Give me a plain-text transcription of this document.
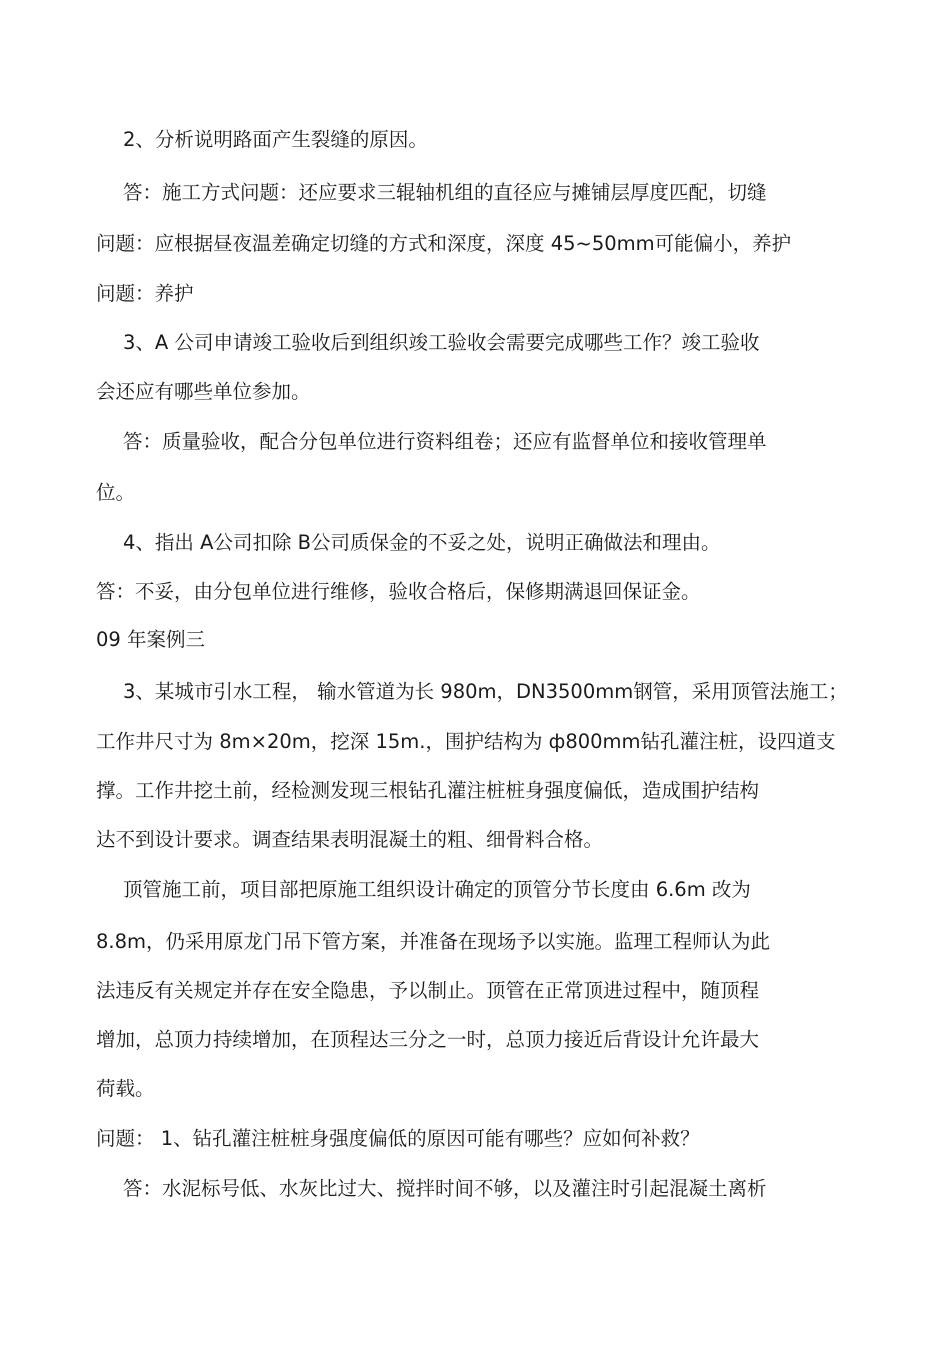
2、分析说明路面产生裂缝的原因。
答：施工方式问题：还应要求三辊轴机组的直径应与摊铺层厚度匹配，切缝
问题：应根据昼夜温差确定切缝的方式和深度，深度 45~50mm可能偏小，养护
问题：养护
3、A 公司申请竣工验收后到组织竣工验收会需要完成哪些工作？竣工验收
会还应有哪些单位参加。
答：质量验收，配合分包单位进行资料组卷；还应有监督单位和接收管理单
位。
4、指出 A公司扣除 B公司质保金的不妥之处，说明正确做法和理由。
答：不妥，由分包单位进行维修，验收合格后，保修期满退回保证金。
09 年案例三
3、某城市引水工程， 输水管道为长 980m，DN3500mm钢管，采用顶管法施工；
工作井尺寸为 8m×20m，挖深 15m.，围护结构为 ф800mm钻孔灌注桩，设四道支
撑。工作井挖土前，经检测发现三根钻孔灌注桩桩身强度偏低，造成围护结构
达不到设计要求。调查结果表明混凝土的粗、细骨料合格。
顶管施工前，项目部把原施工组织设计确定的顶管分节长度由 6.6m 改为
8.8m，仍采用原龙门吊下管方案，并准备在现场予以实施。监理工程师认为此
法违反有关规定并存在安全隐患，予以制止。顶管在正常顶进过程中，随顶程
增加，总顶力持续增加，在顶程达三分之一时，总顶力接近后背设计允许最大
荷载。
问题： 1、钻孔灌注桩桩身强度偏低的原因可能有哪些？应如何补救？
答：水泥标号低、水灰比过大、搅拌时间不够，以及灌注时引起混凝土离析
